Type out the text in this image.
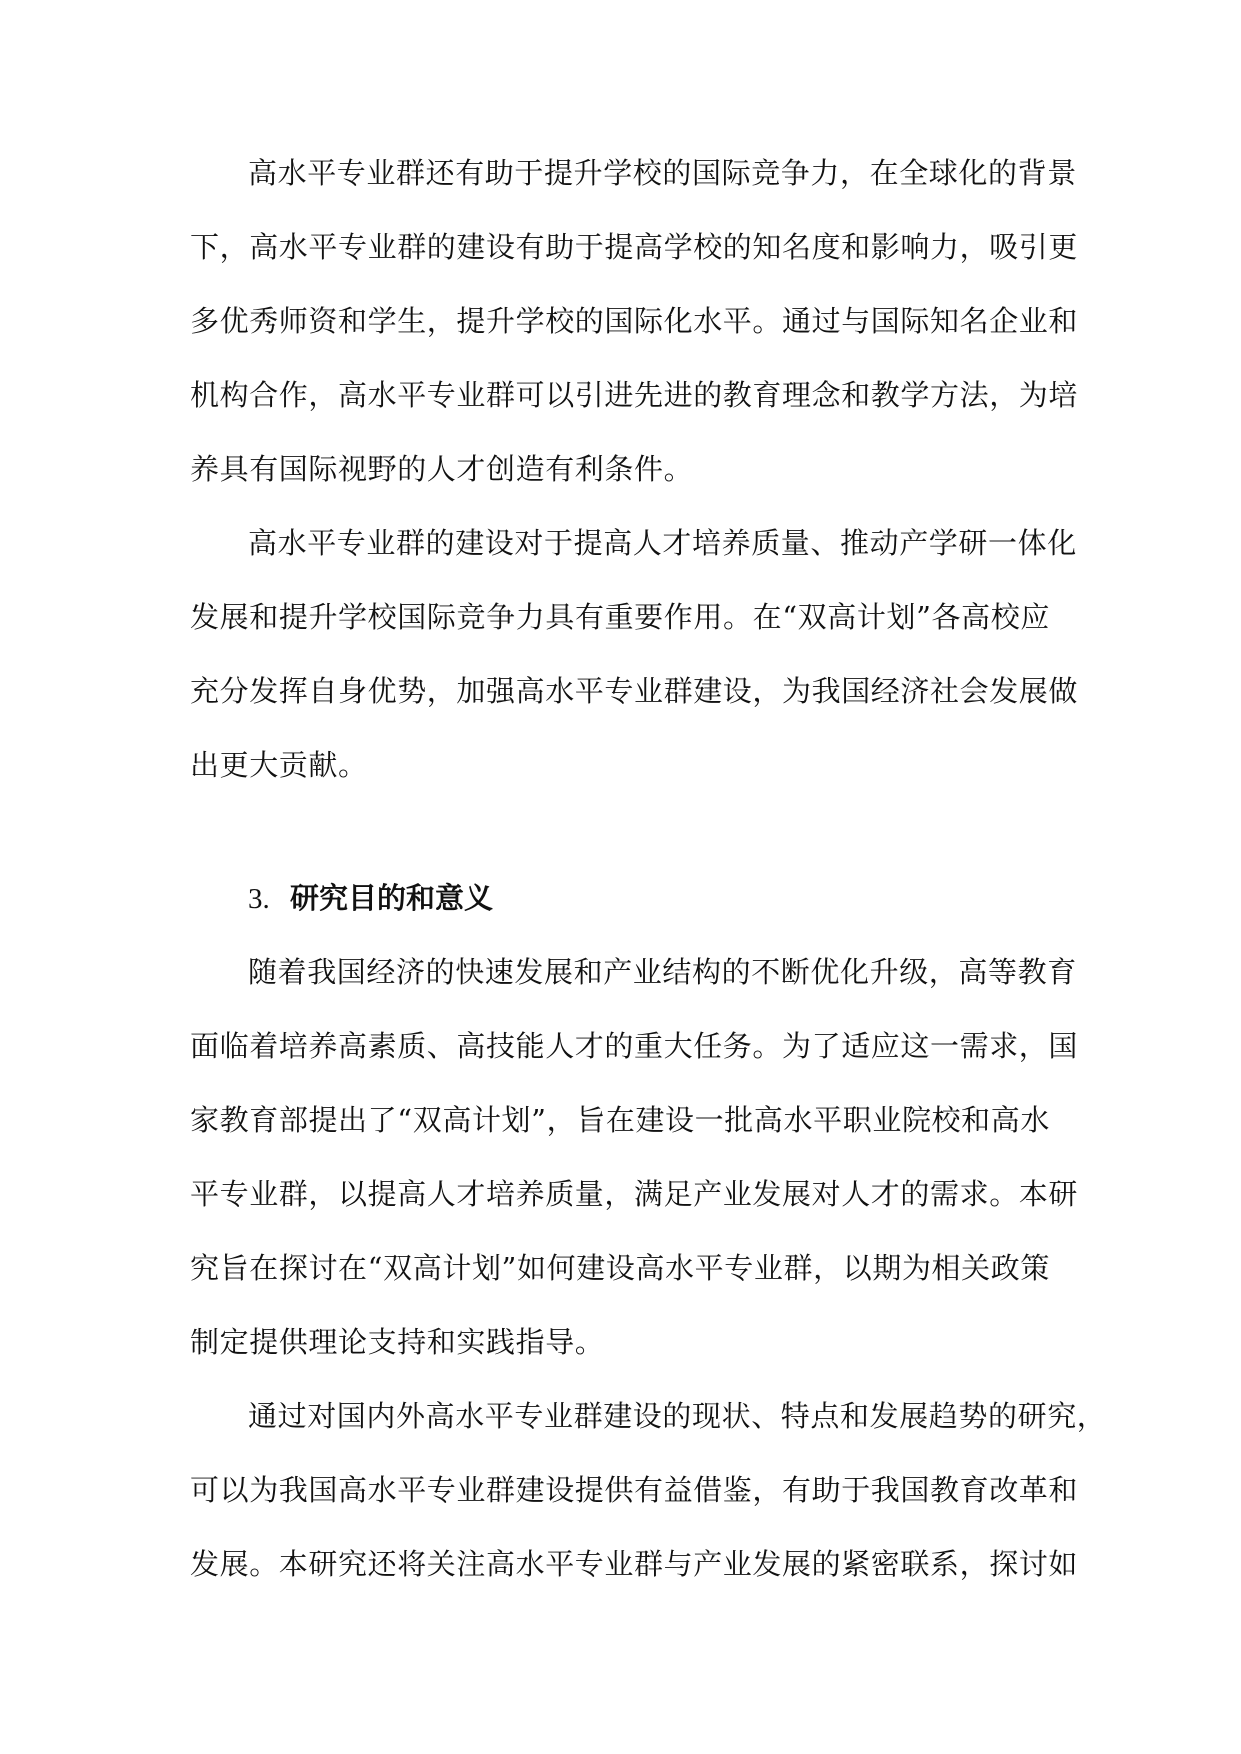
高水平专业群还有助于提升学校的国际竞争力，在全球化的背景
下，高水平专业群的建设有助于提高学校的知名度和影响力，吸引更
多优秀师资和学生，提升学校的国际化水平。通过与国际知名企业和
机构合作，高水平专业群可以引进先进的教育理念和教学方法，为培
养具有国际视野的人才创造有利条件。
高水平专业群的建设对于提高人才培养质量、推动产学研一体化
发展和提升学校国际竞争力具有重要作用。在“双高计划”各高校应
充分发挥自身优势，加强高水平专业群建设，为我国经济社会发展做
出更大贡献。
3. 研究目的和意义
随着我国经济的快速发展和产业结构的不断优化升级，高等教育
面临着培养高素质、高技能人才的重大任务。为了适应这一需求，国
家教育部提出了“双高计划”，旨在建设一批高水平职业院校和高水
平专业群，以提高人才培养质量，满足产业发展对人才的需求。本研
究旨在探讨在“双高计划”如何建设高水平专业群，以期为相关政策
制定提供理论支持和实践指导。
通过对国内外高水平专业群建设的现状、特点和发展趋势的研究，
可以为我国高水平专业群建设提供有益借鉴，有助于我国教育改革和
发展。本研究还将关注高水平专业群与产业发展的紧密联系，探讨如
